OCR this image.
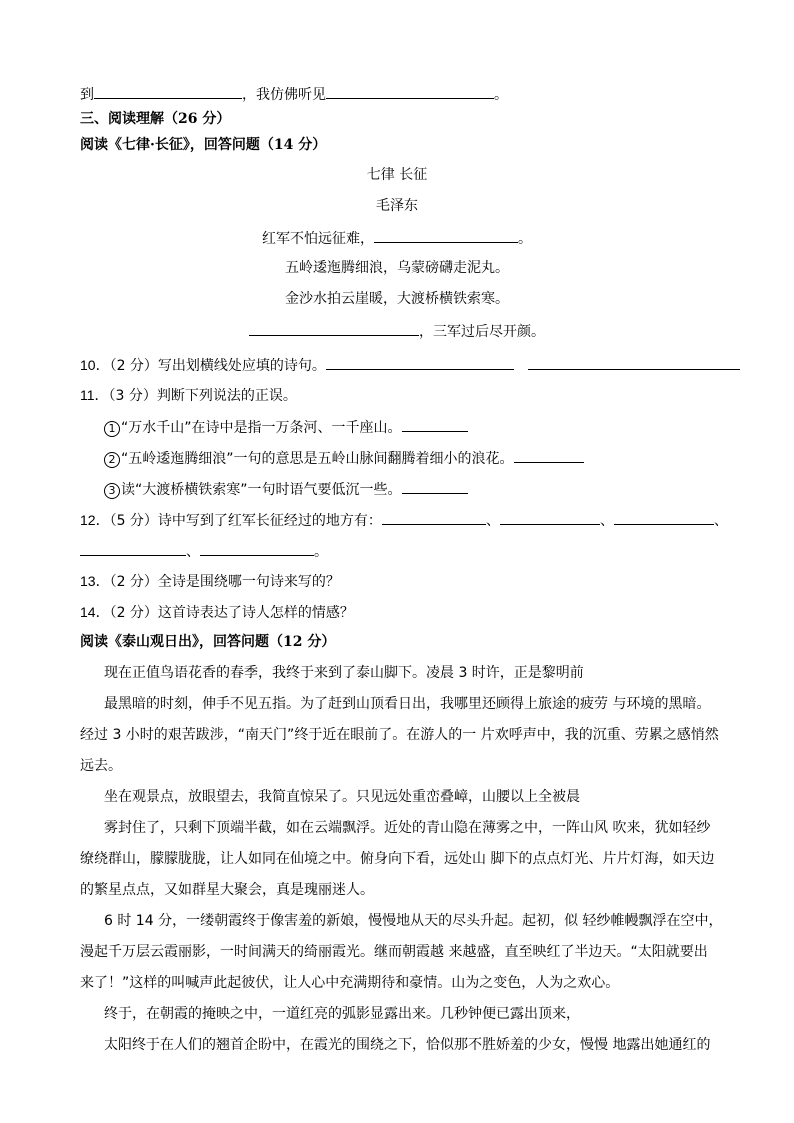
到	，我仿佛听见	。
三、阅读理解（26 分）
阅读《七律·长征》，回答问题（14 分）
七律 长征
毛泽东
红军不怕远征难，	。
五岭逶迤腾细浪，乌蒙磅礴走泥丸。
金沙水拍云崖暖，大渡桥横铁索寒。
，三军过后尽开颜。
10．（2 分）写出划横线处应填的诗句。
11．（3 分）判断下列说法的正误。
1 “万水千山”在诗中是指一万条河、一千座山。
2 “五岭逶迤腾细浪”一句的意思是五岭山脉间翻腾着细小的浪花。
3 读“大渡桥横铁索寒”一句时语气要低沉一些。
12．（5 分）诗中写到了红军长征经过的地方有：	、	、	、
、	。
13．（2 分）全诗是围绕哪一句诗来写的？
14．（2 分）这首诗表达了诗人怎样的情感？
阅读《泰山观日出》，回答问题（12 分）
现在正值鸟语花香的春季，我终于来到了泰山脚下。凌晨 3 时许，正是黎明前
最黑暗的时刻，伸手不见五指。为了赶到山顶看日出，我哪里还顾得上旅途的疲劳 与环境的黑暗。
经过 3 小时的艰苦跋涉，“南天门”终于近在眼前了。在游人的一 片欢呼声中，我的沉重、劳累之感悄然
远去。
坐在观景点，放眼望去，我简直惊呆了。只见远处重峦叠嶂，山腰以上全被晨
雾封住了，只剩下顶端半截，如在云端飘浮。近处的青山隐在薄雾之中，一阵山风 吹来，犹如轻纱
缭绕群山，朦朦胧胧，让人如同在仙境之中。俯身向下看，远处山 脚下的点点灯光、片片灯海，如天边
的繁星点点，又如群星大聚会，真是瑰丽迷人。
6 时 14 分，一缕朝霞终于像害羞的新娘，慢慢地从天的尽头升起。起初，似 轻纱帷幔飘浮在空中，
漫起千万层云霞丽影，一时间满天的绮丽霞光。继而朝霞越 来越盛，直至映红了半边天。“太阳就要出
来了！”这样的叫喊声此起彼伏，让人心中充满期待和豪情。山为之变色，人为之欢心。
终于，在朝霞的掩映之中，一道红亮的弧影显露出来。几秒钟便已露出顶来，
太阳终于在人们的翘首企盼中，在霞光的围绕之下，恰似那不胜娇羞的少女，慢慢 地露出她通红的
